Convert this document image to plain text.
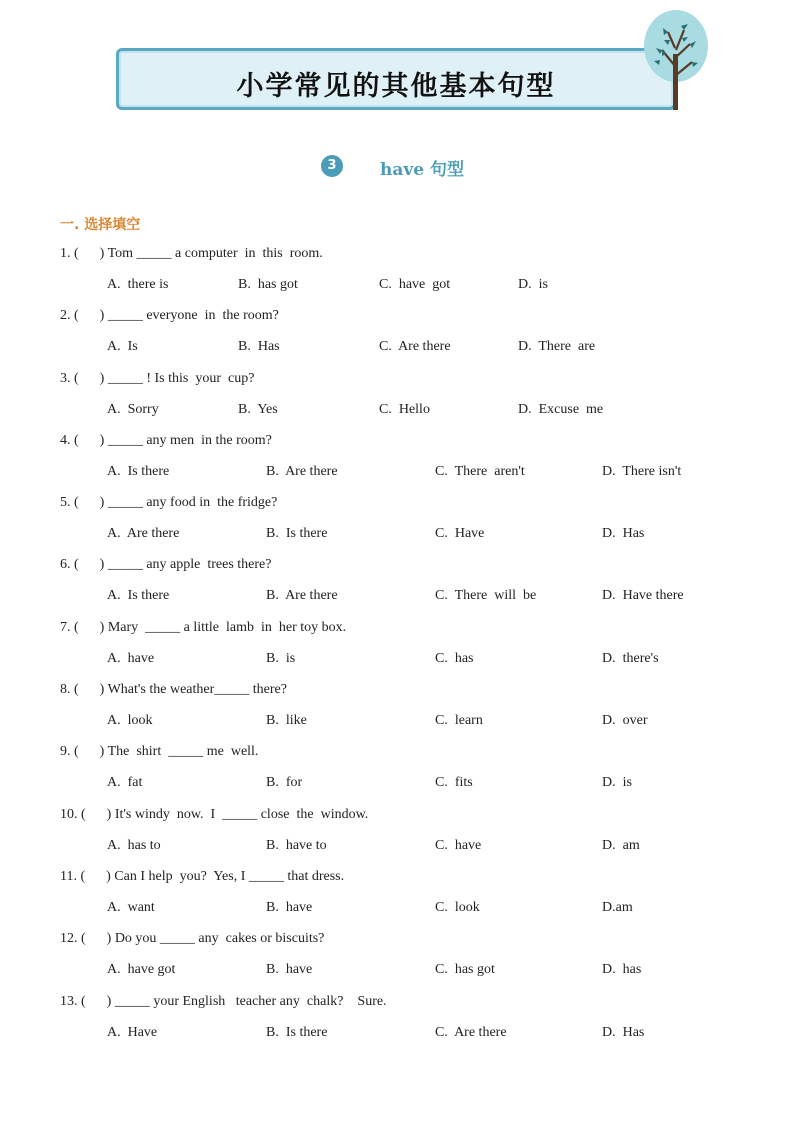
小学常见的其他基本句型
3	have 句型
一. 选择填空
1. (      ) Tom _____ a computer  in  this  room.
A.  there is	B.  has got	C.  have  got	D.  is
2. (      ) _____ everyone  in  the room?
A.  Is	B.  Has	C.  Are there	D.  There  are
3. (      ) _____ ! Is this  your  cup?
A.  Sorry	B.  Yes	C.  Hello	D.  Excuse  me
4. (      ) _____ any men  in the room?
A.  Is there	B.  Are there	C.  There  aren't	D.  There isn't
5. (      ) _____ any food in  the fridge?
A.  Are there	B.  Is there	C.  Have	D.  Has
6. (      ) _____ any apple  trees there?
A.  Is there	B.  Are there	C.  There  will  be	D.  Have there
7. (      ) Mary  _____ a little  lamb  in  her toy box.
A.  have	B.  is	C.  has	D.  there's
8. (      ) What's the weather_____ there?
A.  look	B.  like	C.  learn	D.  over
9. (      ) The  shirt  _____ me  well.
A.  fat	B.  for	C.  fits	D.  is
10. (      ) It's windy  now.  I  _____ close  the  window.
A.  has to	B.  have to	C.  have	D.  am
11. (      ) Can I help  you?  Yes, I _____ that dress.
A.  want	B.  have	C.  look	D.am
12. (      ) Do you _____ any  cakes or biscuits?
A.  have got	B.  have	C.  has got	D.  has
13. (      ) _____ your English   teacher any  chalk?    Sure.
A.  Have	B.  Is there	C.  Are there	D.  Has
